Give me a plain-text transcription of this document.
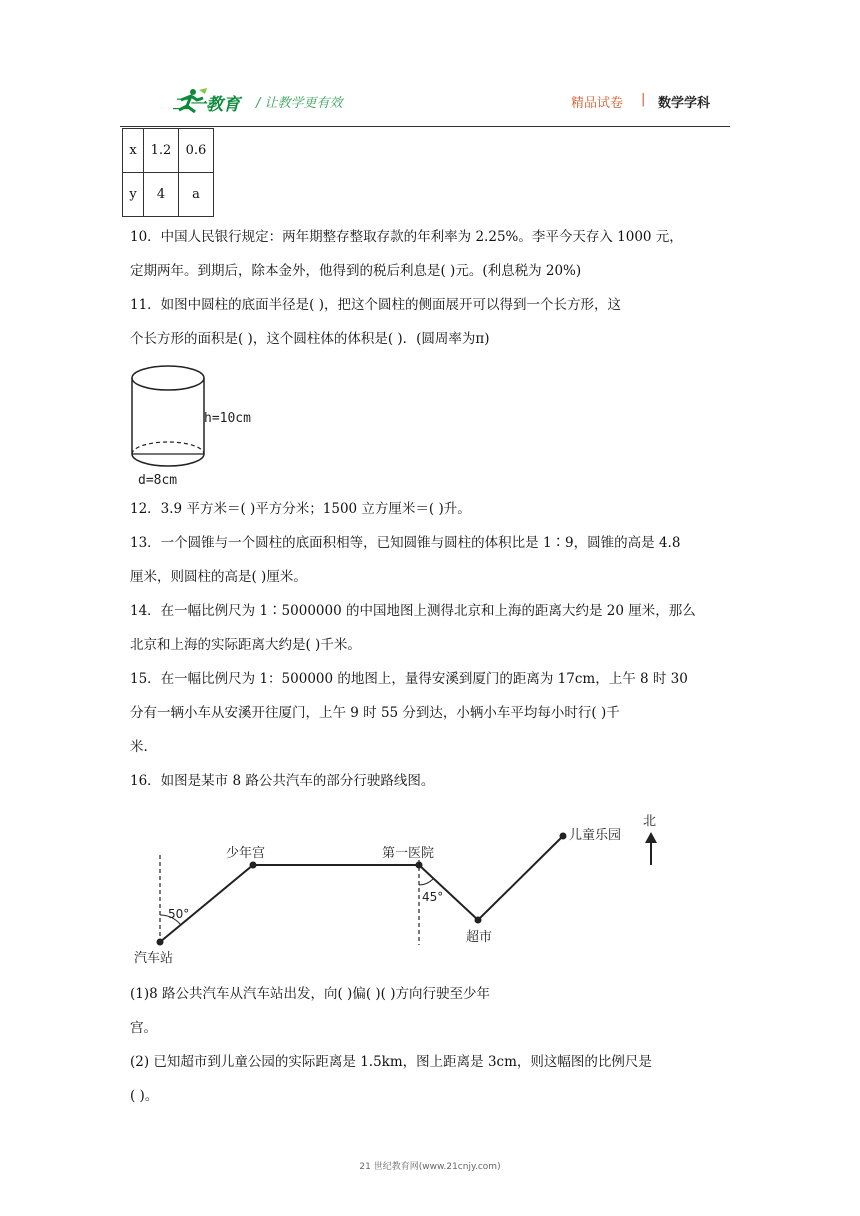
二一教育 / 让教学更有效	精品试卷 | 数学学科
x	1.2	0.6
y	4	a
10．中国人民银行规定：两年期整存整取存款的年利率为 2.25%。李平今天存入 1000 元，
定期两年。到期后，除本金外，他得到的税后利息是( )元。(利息税为 20%)
11．如图中圆柱的底面半径是( )，把这个圆柱的侧面展开可以得到一个长方形，这
个长方形的面积是( )，这个圆柱体的体积是( )．(圆周率为π)
h=10cm
d=8cm
12．3.9 平方米＝( )平方分米；1500 立方厘米＝( )升。
13．一个圆锥与一个圆柱的底面积相等，已知圆锥与圆柱的体积比是 1∶9，圆锥的高是 4.8
厘米，则圆柱的高是( )厘米。
14．在一幅比例尺为 1∶5000000 的中国地图上测得北京和上海的距离大约是 20 厘米，那么
北京和上海的实际距离大约是( )千米。
15．在一幅比例尺为 1：500000 的地图上，量得安溪到厦门的距离为 17cm，上午 8 时 30
分有一辆小车从安溪开往厦门，上午 9 时 55 分到达，小辆小车平均每小时行( )千
米.
16．如图是某市 8 路公共汽车的部分行驶路线图。
汽车站
少年宫	第一医院
超市
儿童乐园
北
50°
45°
(1)8 路公共汽车从汽车站出发，向( )偏( )( )方向行驶至少年
宫。
(2) 已知超市到儿童公园的实际距离是 1.5km，图上距离是 3cm，则这幅图的比例尺是
( )。
21 世纪教育网(www.21cnjy.com)
